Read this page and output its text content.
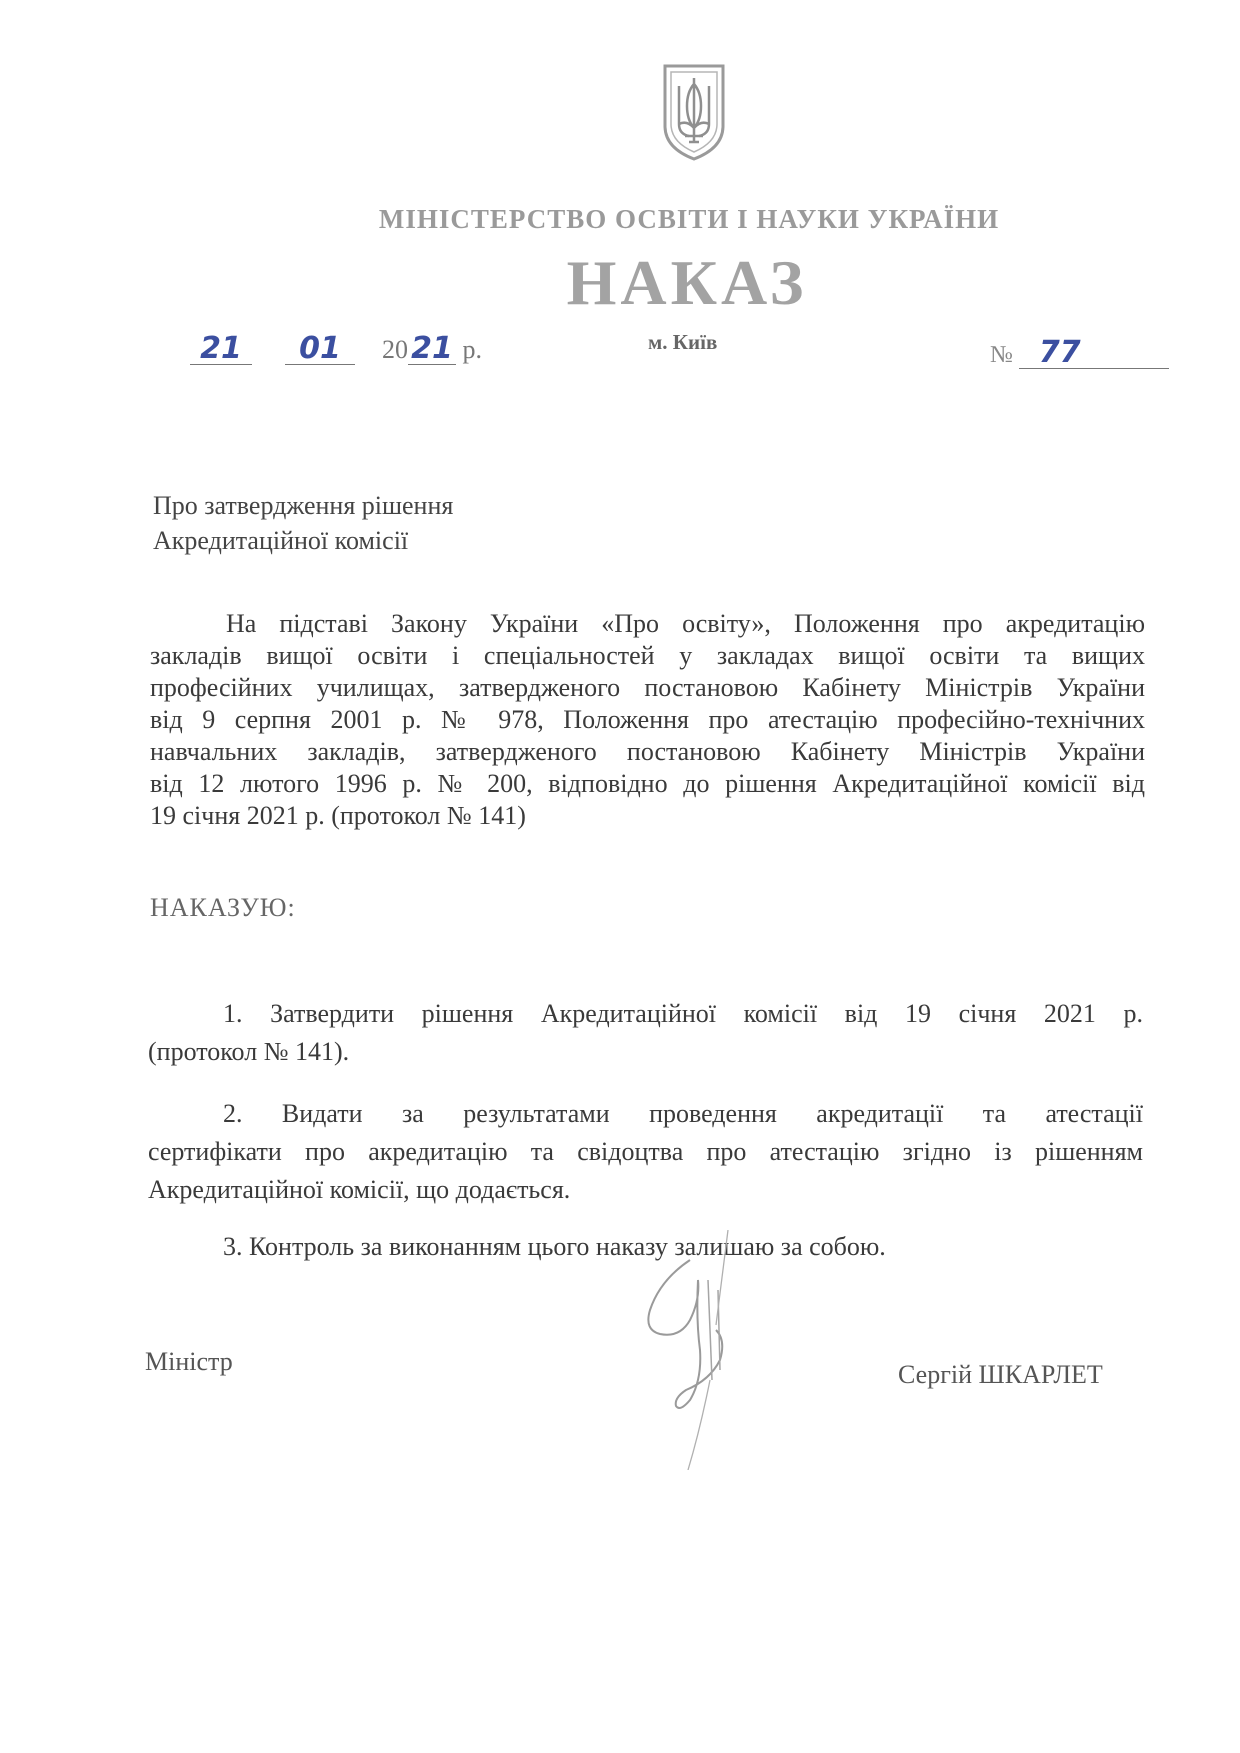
МІНІСТЕРСТВО ОСВІТИ І НАУКИ УКРАЇНИ
НАКАЗ
21 01 20 21 р.	м. Київ	№ 77
Про затвердження рішення
Акредитаційної комісії
На підставі Закону України «Про освіту», Положення про акредитацію
закладів вищої освіти і спеціальностей у закладах вищої освіти та вищих
професійних училищах, затвердженого постановою Кабінету Міністрів України
від 9 серпня 2001 р. № 978, Положення про атестацію професійно-технічних
навчальних закладів, затвердженого постановою Кабінету Міністрів України
від 12 лютого 1996 р. № 200, відповідно до рішення Акредитаційної комісії від
19 січня 2021 р. (протокол № 141)
НАКАЗУЮ:
1. Затвердити рішення Акредитаційної комісії від 19 січня 2021 р.
(протокол № 141).
2. Видати за результатами проведення акредитації та атестації
сертифікати про акредитацію та свідоцтва про атестацію згідно із рішенням
Акредитаційної комісії, що додається.
3. Контроль за виконанням цього наказу залишаю за собою.
Міністр	Сергій ШКАРЛЕТ
